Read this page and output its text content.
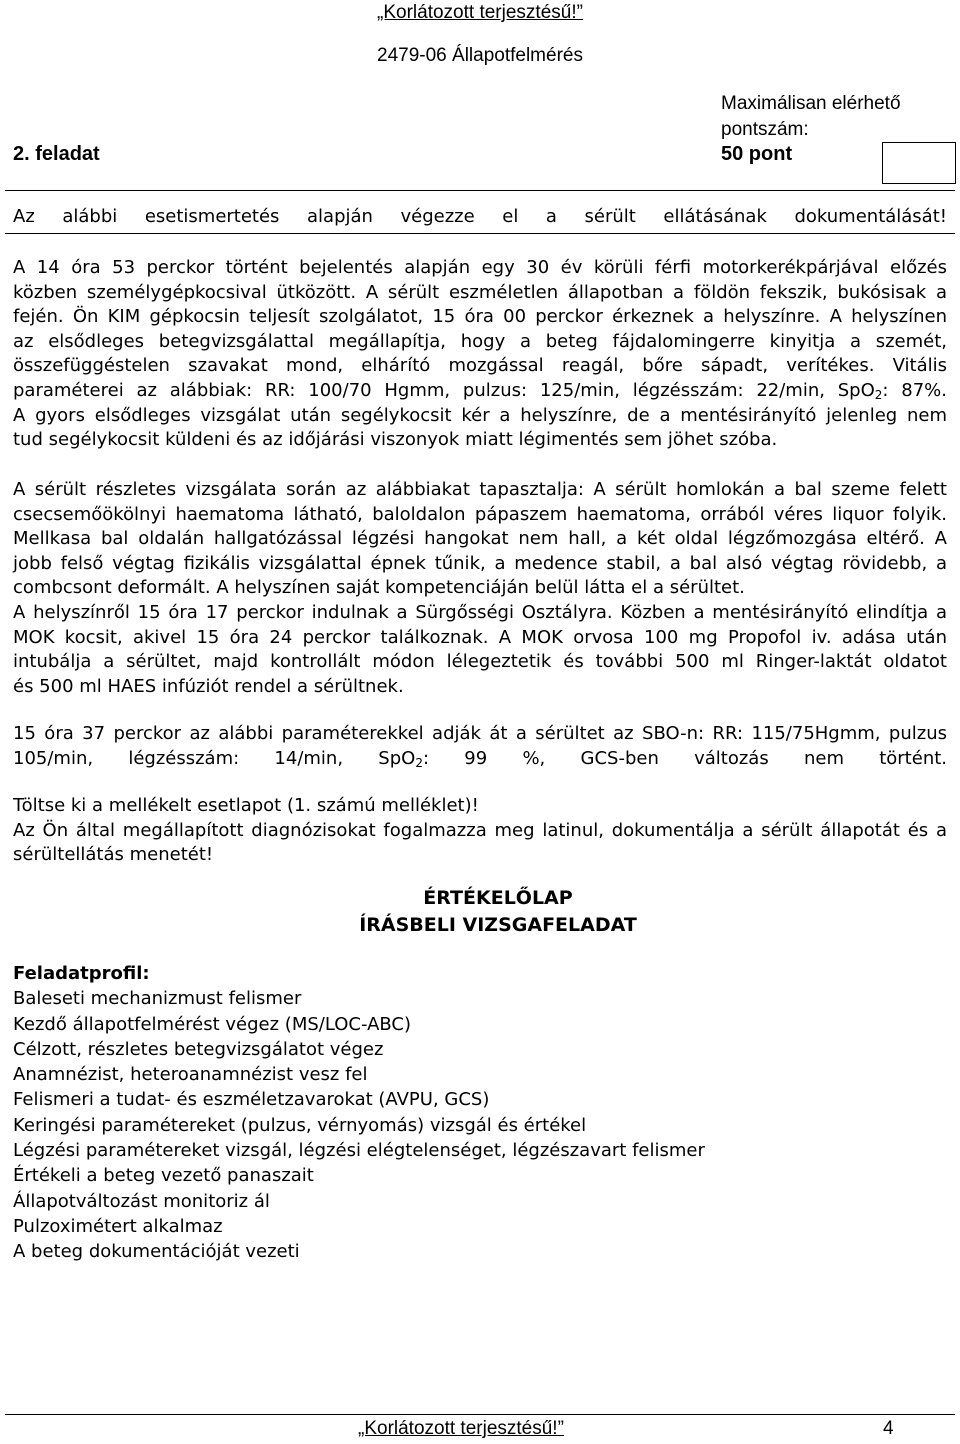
„Korlátozott terjesztésű!”
2479-06 Állapotfelmérés
Maximálisan elérhető
pontszám:
2. feladat	50 pont
Az alábbi esetismertetés alapján végezze el a sérült ellátásának dokumentálását!
A 14 óra 53 perckor történt bejelentés alapján egy 30 év körüli férfi motorkerékpárjával előzés
közben személygépkocsival ütközött. A sérült eszméletlen állapotban a földön fekszik, bukósisak a
fején. Ön KIM gépkocsin teljesít szolgálatot, 15 óra 00 perckor érkeznek a helyszínre. A helyszínen
az elsődleges betegvizsgálattal megállapítja, hogy a beteg fájdalomingerre kinyitja a szemét,
összefüggéstelen szavakat mond, elhárító mozgással reagál, bőre sápadt, verítékes. Vitális
paraméterei az alábbiak: RR: 100/70 Hgmm, pulzus: 125/min, légzésszám: 22/min, SpO$_2$: 87%.
A gyors elsődleges vizsgálat után segélykocsit kér a helyszínre, de a mentésirányító jelenleg nem
tud segélykocsit küldeni és az időjárási viszonyok miatt légimentés sem jöhet szóba.
A sérült részletes vizsgálata során az alábbiakat tapasztalja: A sérült homlokán a bal szeme felett
csecsemőökölnyi haematoma látható, baloldalon pápaszem haematoma, orrából véres liquor folyik.
Mellkasa bal oldalán hallgatózással légzési hangokat nem hall, a két oldal légzőmozgása eltérő. A
jobb felső végtag fizikális vizsgálattal épnek tűnik, a medence stabil, a bal alsó végtag rövidebb, a
combcsont deformált. A helyszínen saját kompetenciáján belül látta el a sérültet.
A helyszínről 15 óra 17 perckor indulnak a Sürgősségi Osztályra. Közben a mentésirányító elindítja a
MOK kocsit, akivel 15 óra 24 perckor találkoznak. A MOK orvosa 100 mg Propofol iv. adása után
intubálja a sérültet, majd kontrollált módon lélegeztetik és további 500 ml Ringer-laktát oldatot
és 500 ml HAES infúziót rendel a sérültnek.
15 óra 37 perckor az alábbi paraméterekkel adják át a sérültet az SBO-n: RR: 115/75Hgmm, pulzus
105/min, légzésszám: 14/min, SpO$_2$: 99 %, GCS-ben változás nem történt.
Töltse ki a mellékelt esetlapot (1. számú melléklet)!
Az Ön által megállapított diagnózisokat fogalmazza meg latinul, dokumentálja a sérült állapotát és a
sérültellátás menetét!
ÉRTÉKELŐLAP
ÍRÁSBELI VIZSGAFELADAT
Feladatprofil:
Baleseti mechanizmust felismer
Kezdő állapotfelmérést végez (MS/LOC-ABC)
Célzott, részletes betegvizsgálatot végez
Anamnézist, heteroanamnézist vesz fel
Felismeri a tudat- és eszméletzavarokat (AVPU, GCS)
Keringési paramétereket (pulzus, vérnyomás) vizsgál és értékel
Légzési paramétereket vizsgál, légzési elégtelenséget, légzészavart felismer
Értékeli a beteg vezető panaszait
Állapotváltozást monitoriz ál
Pulzoximétert alkalmaz
A beteg dokumentációját vezeti
„Korlátozott terjesztésű!”	4
